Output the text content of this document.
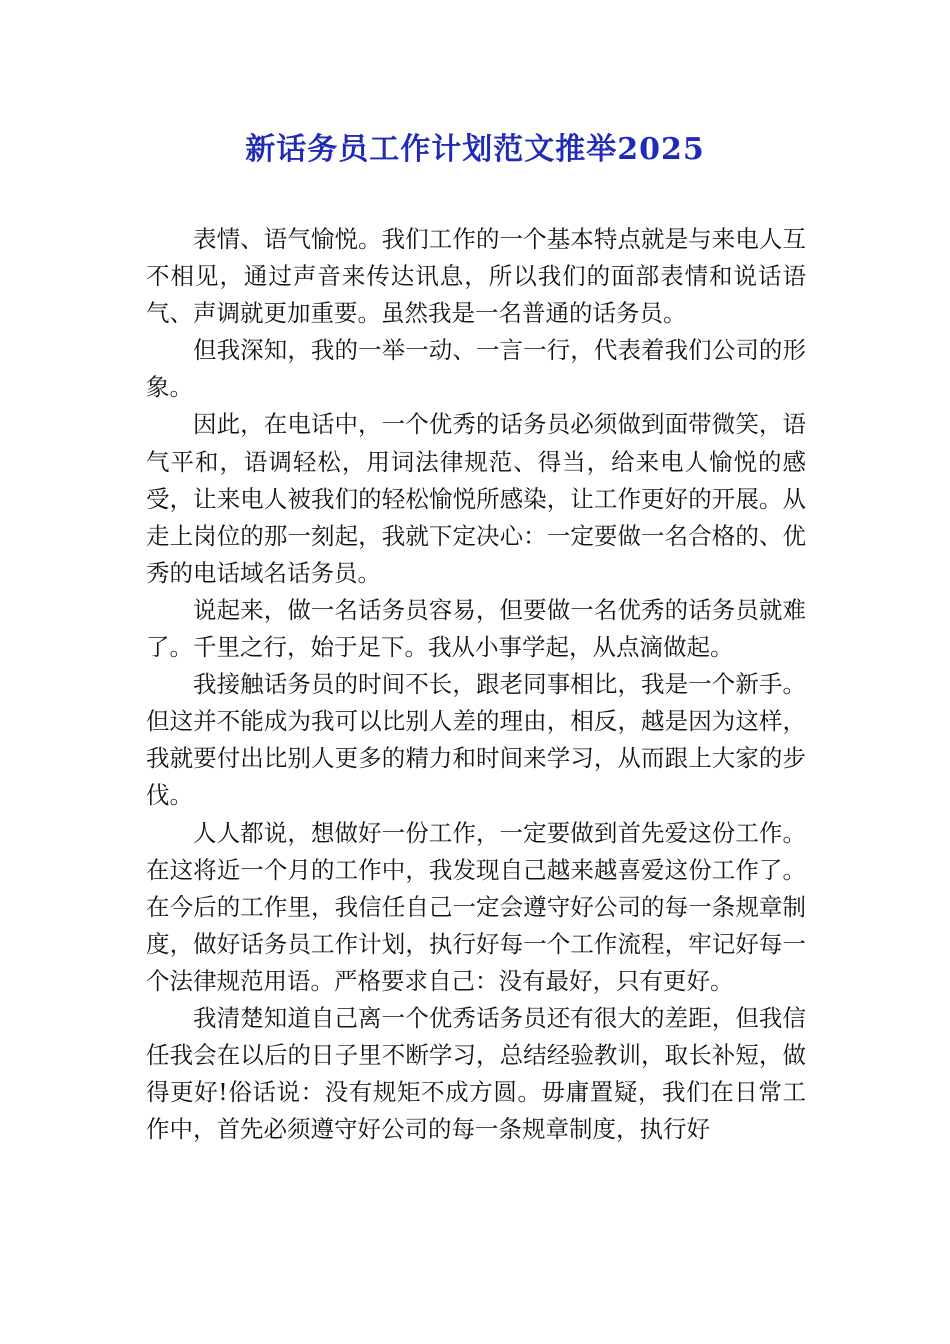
新话务员工作计划范文推举2025

表情、语气愉悦。我们工作的一个基本特点就是与来电人互不相见，通过声音来传达讯息，所以我们的面部表情和说话语气、声调就更加重要。虽然我是一名普通的话务员。

但我深知，我的一举一动、一言一行，代表着我们公司的形象。

因此，在电话中，一个优秀的话务员必须做到面带微笑，语气平和，语调轻松，用词法律规范、得当，给来电人愉悦的感受，让来电人被我们的轻松愉悦所感染，让工作更好的开展。从走上岗位的那一刻起，我就下定决心：一定要做一名合格的、优秀的电话域名话务员。

说起来，做一名话务员容易，但要做一名优秀的话务员就难了。千里之行，始于足下。我从小事学起，从点滴做起。

我接触话务员的时间不长，跟老同事相比，我是一个新手。但这并不能成为我可以比别人差的理由，相反，越是因为这样，我就要付出比别人更多的精力和时间来学习，从而跟上大家的步伐。

人人都说，想做好一份工作，一定要做到首先爱这份工作。在这将近一个月的工作中，我发现自己越来越喜爱这份工作了。在今后的工作里，我信任自己一定会遵守好公司的每一条规章制度，做好话务员工作计划，执行好每一个工作流程，牢记好每一个法律规范用语。严格要求自己：没有最好，只有更好。

我清楚知道自己离一个优秀话务员还有很大的差距，但我信任我会在以后的日子里不断学习，总结经验教训，取长补短，做得更好!俗话说：没有规矩不成方圆。毋庸置疑，我们在日常工作中，首先必须遵守好公司的每一条规章制度，执行好
